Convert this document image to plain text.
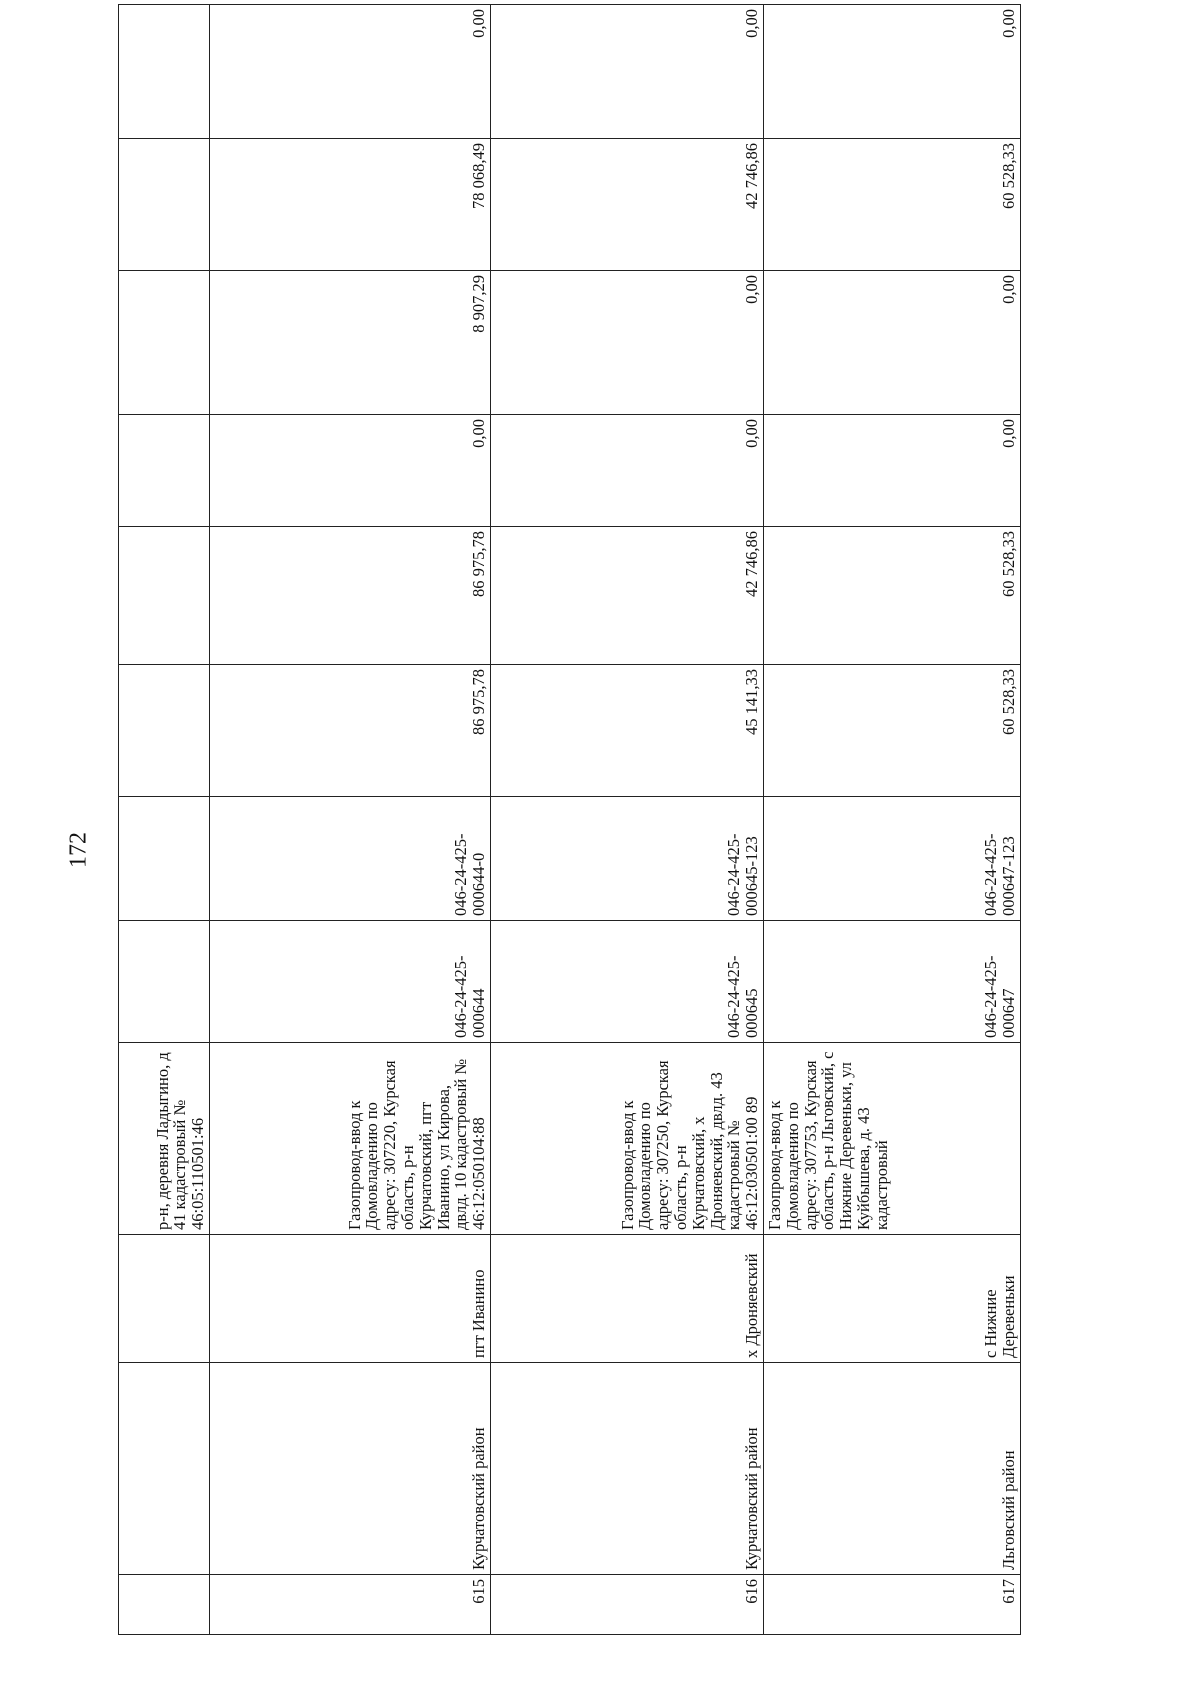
172
			р-н, деревня Ладыгино, д 41 кадастровый № 46:05:110501:46								
615	Курчатовский район	пгт Иванино	Газопровод-ввод к Домовладению по адресу: 307220, Курская область, р-н Курчатовский, пгт Иванино, ул Кирова, двлд. 10 кадастровый № 46:12:050104:88	046-24-425-000644	046-24-425-000644-0	86 975,78	86 975,78	0,00	8 907,29	78 068,49	0,00
616	Курчатовский район	х Дроняевский	Газопровод-ввод к Домовладению по адресу: 307250, Курская область, р-н Курчатовский, х Дроняевский, двлд. 43 кадастровый № 46:12:030501:00 89	046-24-425-000645	046-24-425-000645-123	45 141,33	42 746,86	0,00	0,00	42 746,86	0,00
617	Льговский район	с Нижние Деревеньки	Газопровод-ввод к Домовладению по адресу: 307753, Курская область, р-н Льговский, с Нижние Деревеньки, ул Куйбышева, д. 43 кадастровый	046-24-425-000647	046-24-425-000647-123	60 528,33	60 528,33	0,00	0,00	60 528,33	0,00
